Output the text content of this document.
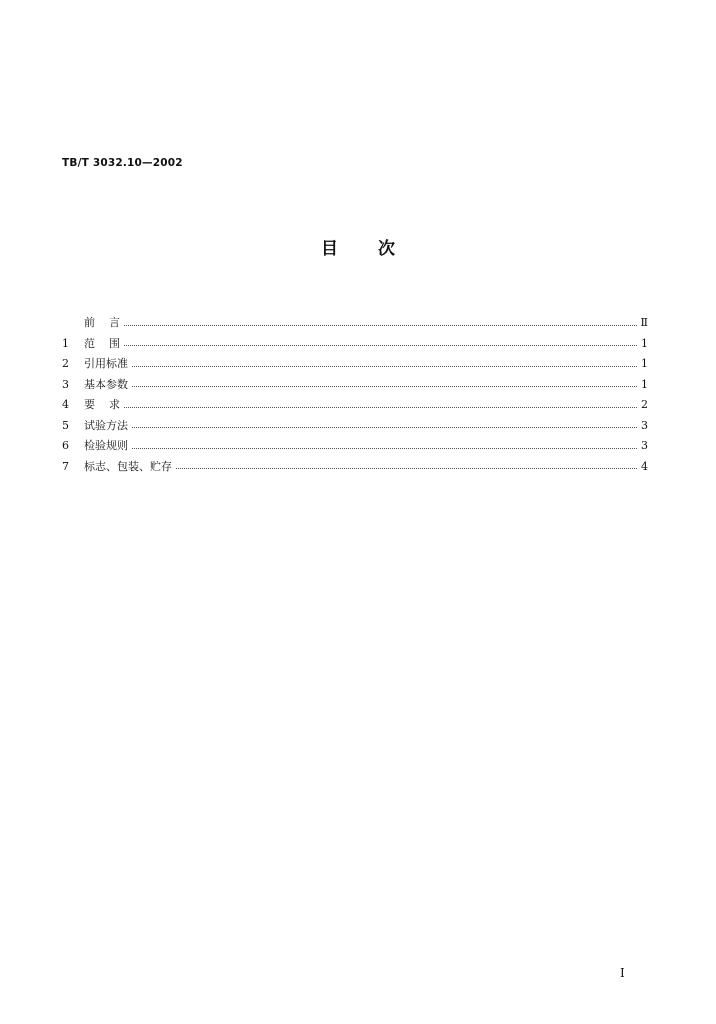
TB/T 3032.10—2002
目 次
前    言	Ⅱ
1	范    围	1
2	引用标准	1
3	基本参数	1
4	要    求	2
5	试验方法	3
6	检验规则	3
7	标志、包装、贮存	4
Ⅰ
